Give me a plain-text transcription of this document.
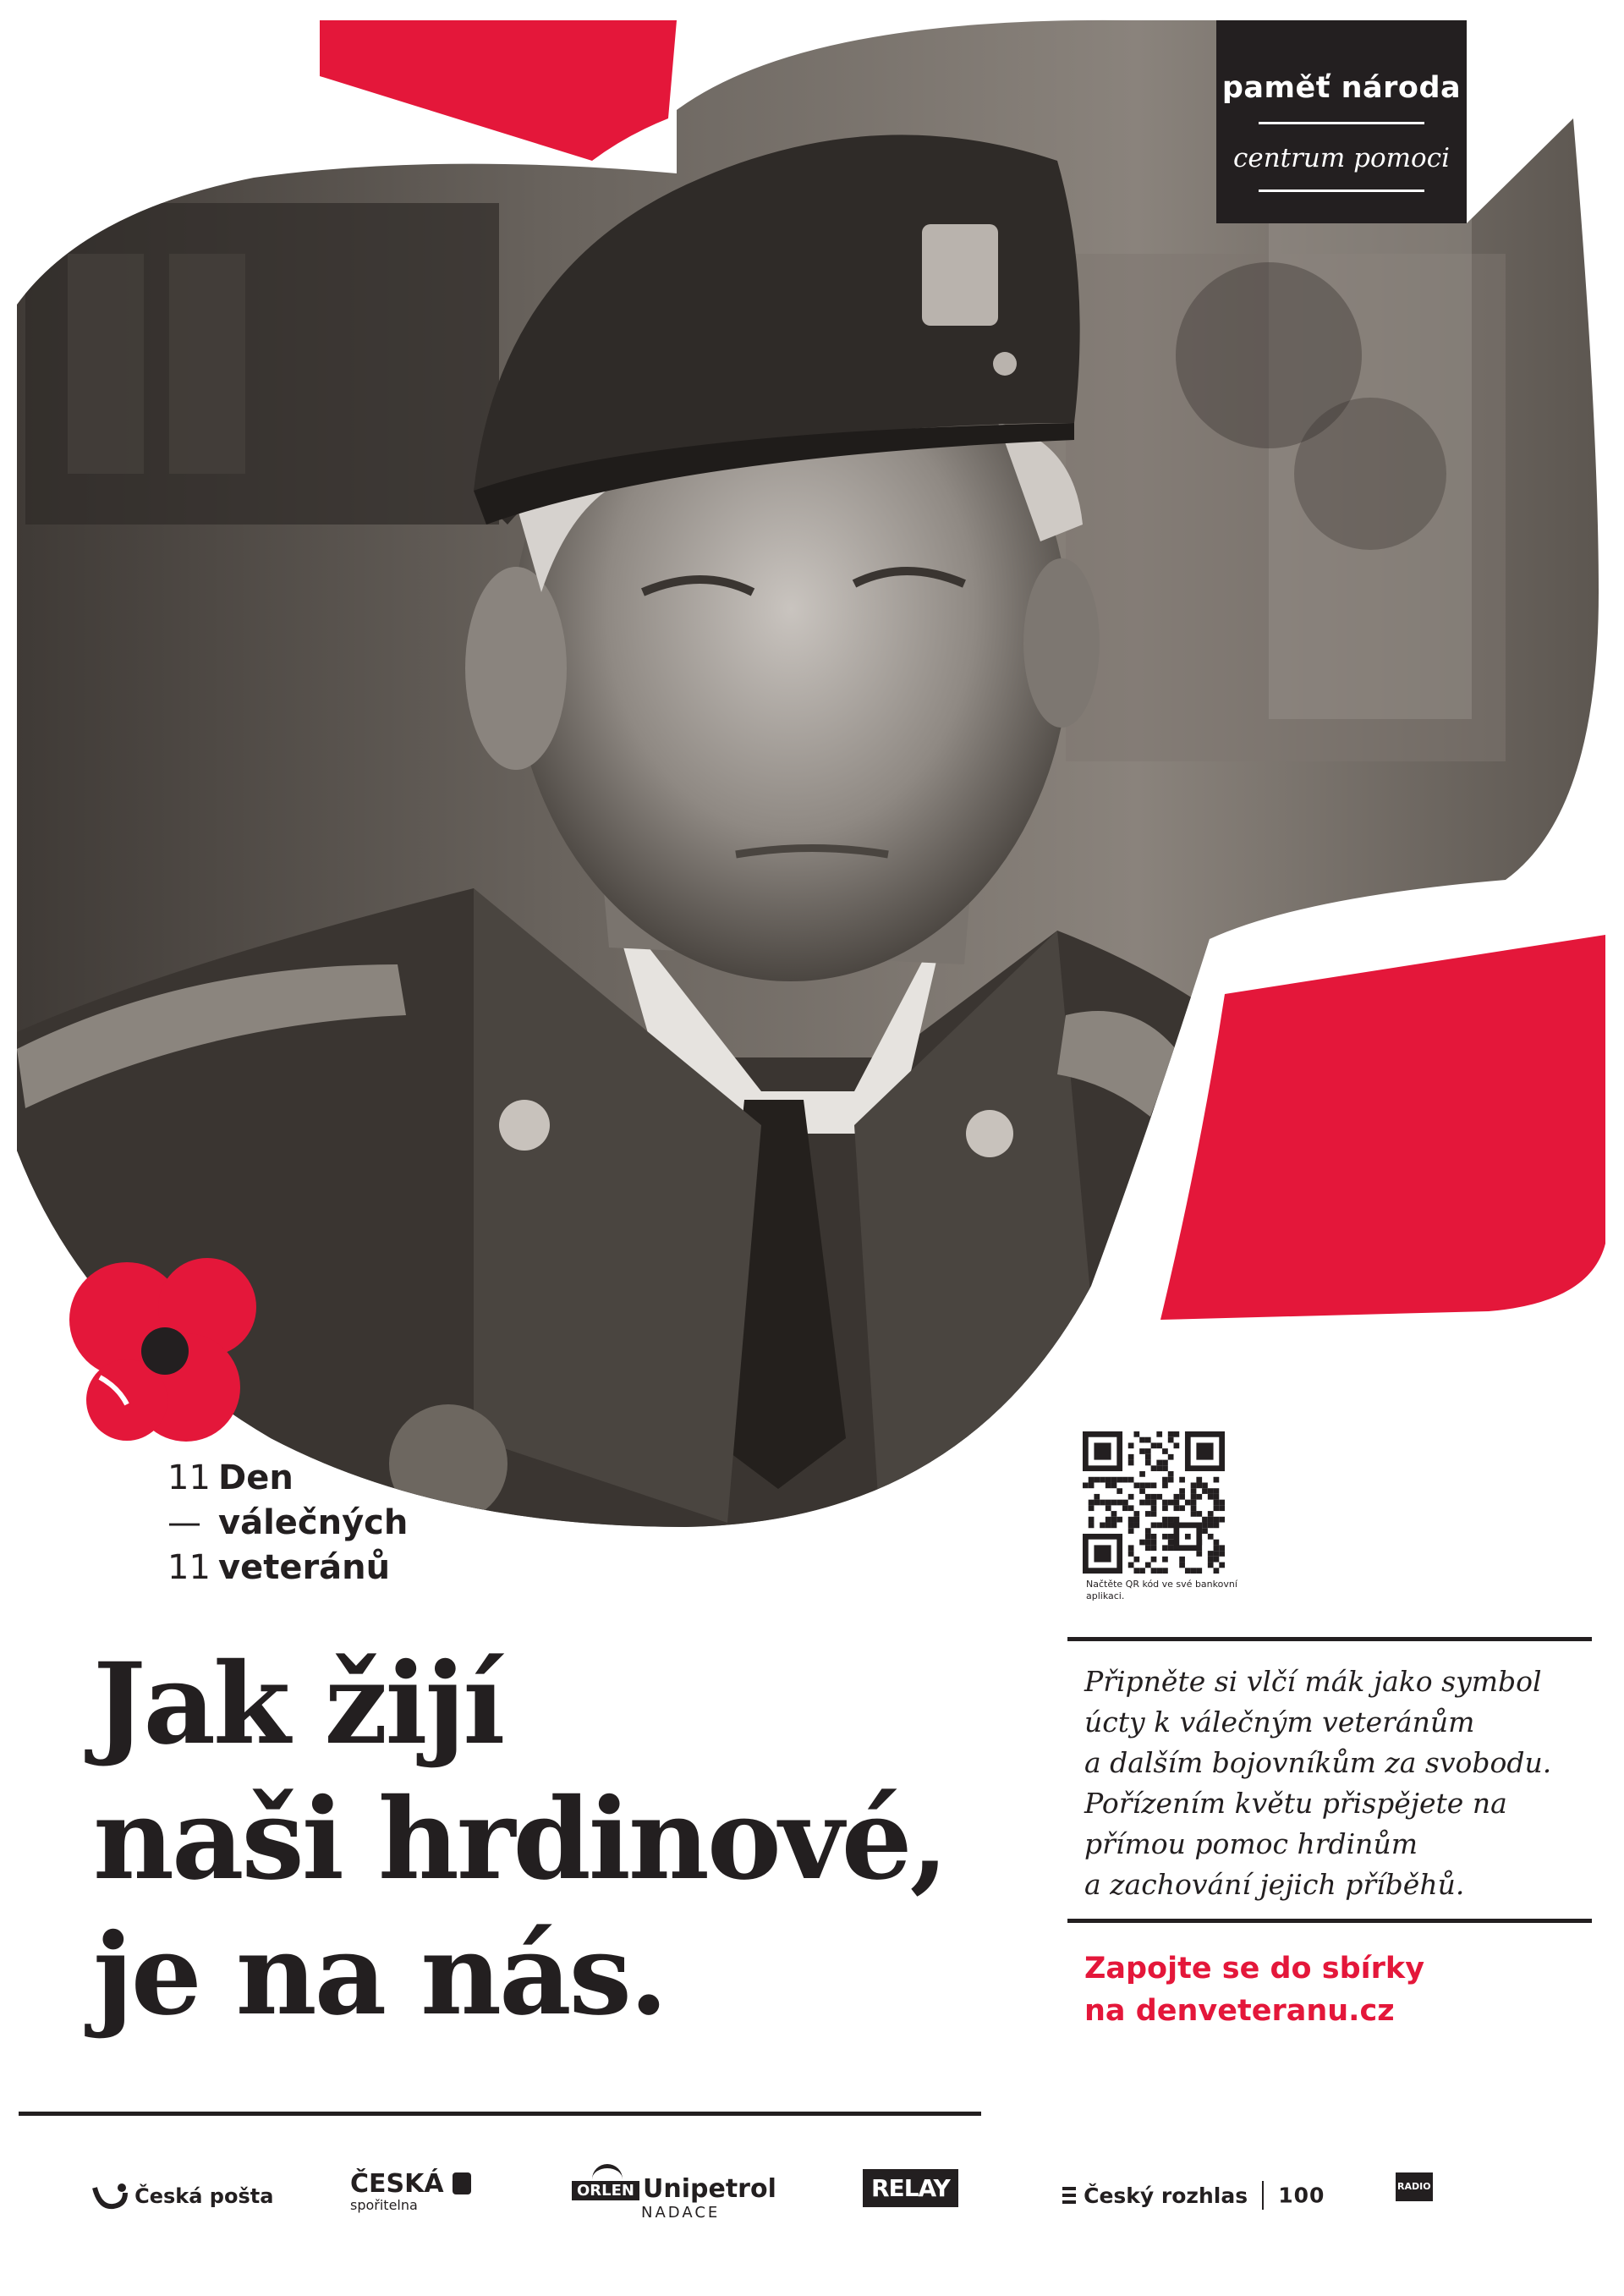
paměť národa
centrum pomoci
11 Den
— válečných
11 veteránů
Jak žijí
naši hrdinové,
je na nás.
Načtěte QR kód ve své bankovní aplikaci.
Připněte si vlčí mák jako symbol
úcty k válečným veteránům
a dalším bojovníkům za svobodu.
Pořízením květu přispějete na
přímou pomoc hrdinům
a zachování jejich příběhů.
Zapojte se do sbírky
na denveteranu.cz
Česká pošta	ČESKÁ
spořitelna
ORLEN Unipetrol
NADACE
RELAY	Český rozhlas 100	RADIO 1
